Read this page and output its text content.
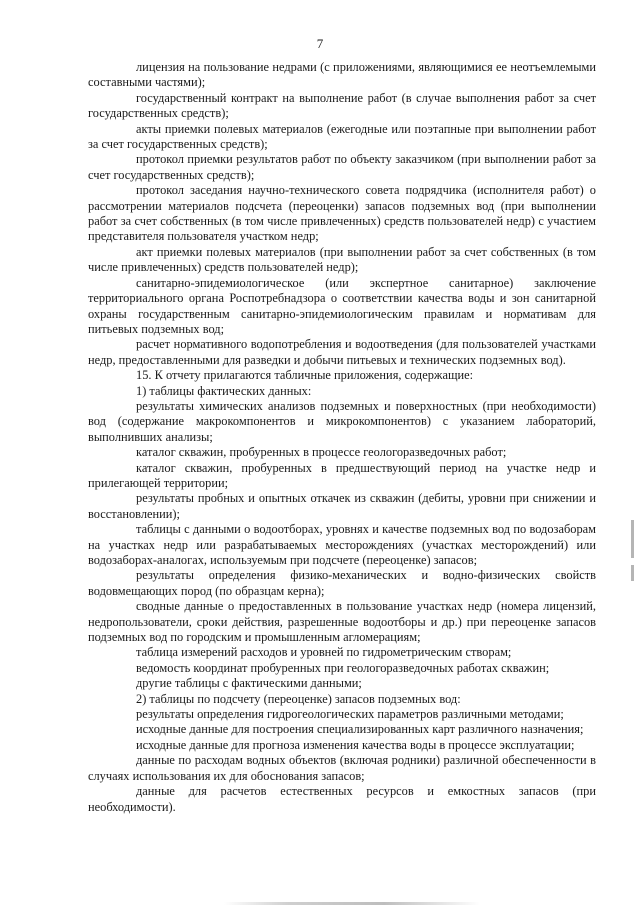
7

лицензия на пользование недрами (с приложениями, являющимися ее неотъемлемыми составными частями);

государственный контракт на выполнение работ (в случае выполнения работ за счет государственных средств);

акты приемки полевых материалов (ежегодные или поэтапные при выполнении работ за счет государственных средств);

протокол приемки результатов работ по объекту заказчиком (при выполнении работ за счет государственных средств);

протокол заседания научно-технического совета подрядчика (исполнителя работ) о рассмотрении материалов подсчета (переоценки) запасов подземных вод (при выполнении работ за счет собственных (в том числе привлеченных) средств пользователей недр) с участием представителя пользователя участком недр;

акт приемки полевых материалов (при выполнении работ за счет собственных (в том числе привлеченных) средств пользователей недр);

санитарно-эпидемиологическое (или экспертное санитарное) заключение территориального органа Роспотребнадзора о соответствии качества воды и зон санитарной охраны государственным санитарно-эпидемиологическим правилам и нормативам для питьевых подземных вод;

расчет нормативного водопотребления и водоотведения (для пользователей участками недр, предоставленными для разведки и добычи питьевых и технических подземных вод).

15. К отчету прилагаются табличные приложения, содержащие:

1) таблицы фактических данных:

результаты химических анализов подземных и поверхностных (при необходимости) вод (содержание макрокомпонентов и микрокомпонентов) с указанием лабораторий, выполнивших анализы;

каталог скважин, пробуренных в процессе геологоразведочных работ;

каталог скважин, пробуренных в предшествующий период на участке недр и прилегающей территории;

результаты пробных и опытных откачек из скважин (дебиты, уровни при снижении и восстановлении);

таблицы с данными о водоотборах, уровнях и качестве подземных вод по водозаборам на участках недр или разрабатываемых месторождениях (участках месторождений) или водозаборах-аналогах, используемым при подсчете (переоценке) запасов;

результаты определения физико-механических и водно-физических свойств водовмещающих пород (по образцам керна);

сводные данные о предоставленных в пользование участках недр (номера лицензий, недропользователи, сроки действия, разрешенные водоотборы и др.) при переоценке запасов подземных вод по городским и промышленным агломерациям;

таблица измерений расходов и уровней по гидрометрическим створам;

ведомость координат пробуренных при геологоразведочных работах скважин;

другие таблицы с фактическими данными;

2) таблицы по подсчету (переоценке) запасов подземных вод:

результаты определения гидрогеологических параметров различными методами;

исходные данные для построения специализированных карт различного назначения;

исходные данные для прогноза изменения качества воды в процессе эксплуатации;

данные по расходам водных объектов (включая родники) различной обеспеченности в случаях использования их для обоснования запасов;

данные для расчетов естественных ресурсов и емкостных запасов (при необходимости).
